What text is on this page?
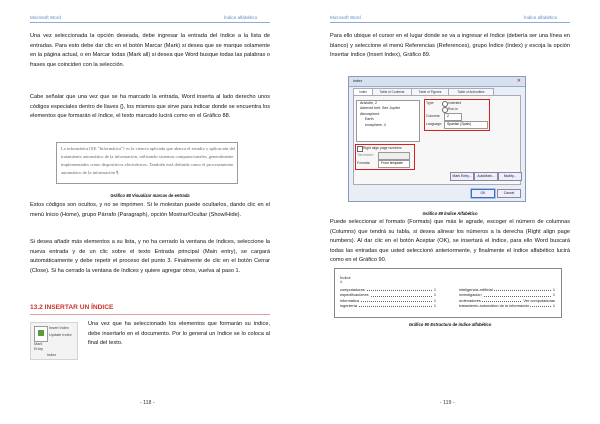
Microsoft Word	Índice alfabético

Una vez seleccionada la opción deseada, debe ingresar la entrada del índice a la lista de entradas. Para esto debe dar clic en el botón Marcar (Mark) si desea que se marque solamente en la página actual, o en Marcar todas (Mark all) si desea que Word busque todas las palabras o frases que coinciden con la selección.

Cabe señalar que una vez que se ha marcado la entrada, Word inserta al lado derecho unos códigos especiales dentro de llaves {}, los mismos que sirve para indicar donde se encuentra los elementos que formarán el índice, el texto marcado lucirá como en el Gráfico 88.

La informática{XE "Informática"} es la ciencia aplicada que abarca el estudio y aplicación del
tratamiento automático de la información, utilizando sistemas computacionales, generalmente
implementados como dispositivos electrónicos. También está definida como el procesamiento
automático de la información ¶.
Gráfico 88 Visualizar marcas de entrada

Estos códigos son ocultos, y no se imprimen. Si le molestan puede ocultarlos, dando clic en el menú Inicio (Home), grupo Párrafo (Paragraph), opción Mostrar/Ocultar (Show/Hide).

Si desea añadir más elementos a su lista, y no ha cerrado la ventana de índices, seleccione la nueva entrada y de un clic sobre el texto Entrada principal (Main entry), se cargará automáticamente y debe repetir el proceso del punto 3. Finalmente de clic en el botón Cerrar (Close). Si ha cerrado la ventana de índices y quiere agregar otros, vuelva al paso 1.

13.2 INSERTAR UN ÍNDICE
Insert Index
Update Index
Mark
Entry
Index

Una vez que ha seleccionado los elementos que formarán su índice, debe insertarlo en el documento. Por lo general un índice se lo coloca al final del texto.

- 118 -
Microsoft Word	Índice alfabético

Para ello ubique el cursor en el lugar donde se va a ingresar el índice (debería ser una línea en blanco) y seleccione el menú Referencias (References), grupo Índice (Index) y escoja la opción Insertar índice (Insert Index), Gráfico 89.

Index	✕
Index	Table of Contents	Table of Figures	Table of Authorities
Aristotle, 2
Asteroid belt. See Jupiter
Atmosphere
Earth
exosphere, 4
Type:	Indented
Run-in
Columns: 2
Language: Spanish (Spain)
Right align page numbers
Tab leader:
Formats:	From template
Mark Entry...	AutoMark...	Modify...
OK	Cancel
Gráfico 89 Índice Alfabético

Puede seleccionar el formato (Formats) que más le agrade, escoger el número de columnas (Columns) que tendrá su tabla, si desea alinear los números a la derecha (Right align page numbers). Al dar clic en el botón Aceptar (OK), se insertará el índice, para ello Word buscará todas las entradas que usted seleccionó anteriormente, y finalmente el índice alfabético lucirá como en el Gráfico 90.

Índice
A
computadoras	1
especificaciones	1
informática	1
ingeniería	1
inteligencia artificial	1
investigación	1
ordenadores	Ver computadoras
tratamiento automático de la información	1
Gráfico 90 Estructura de índice alfabético
- 119 -
